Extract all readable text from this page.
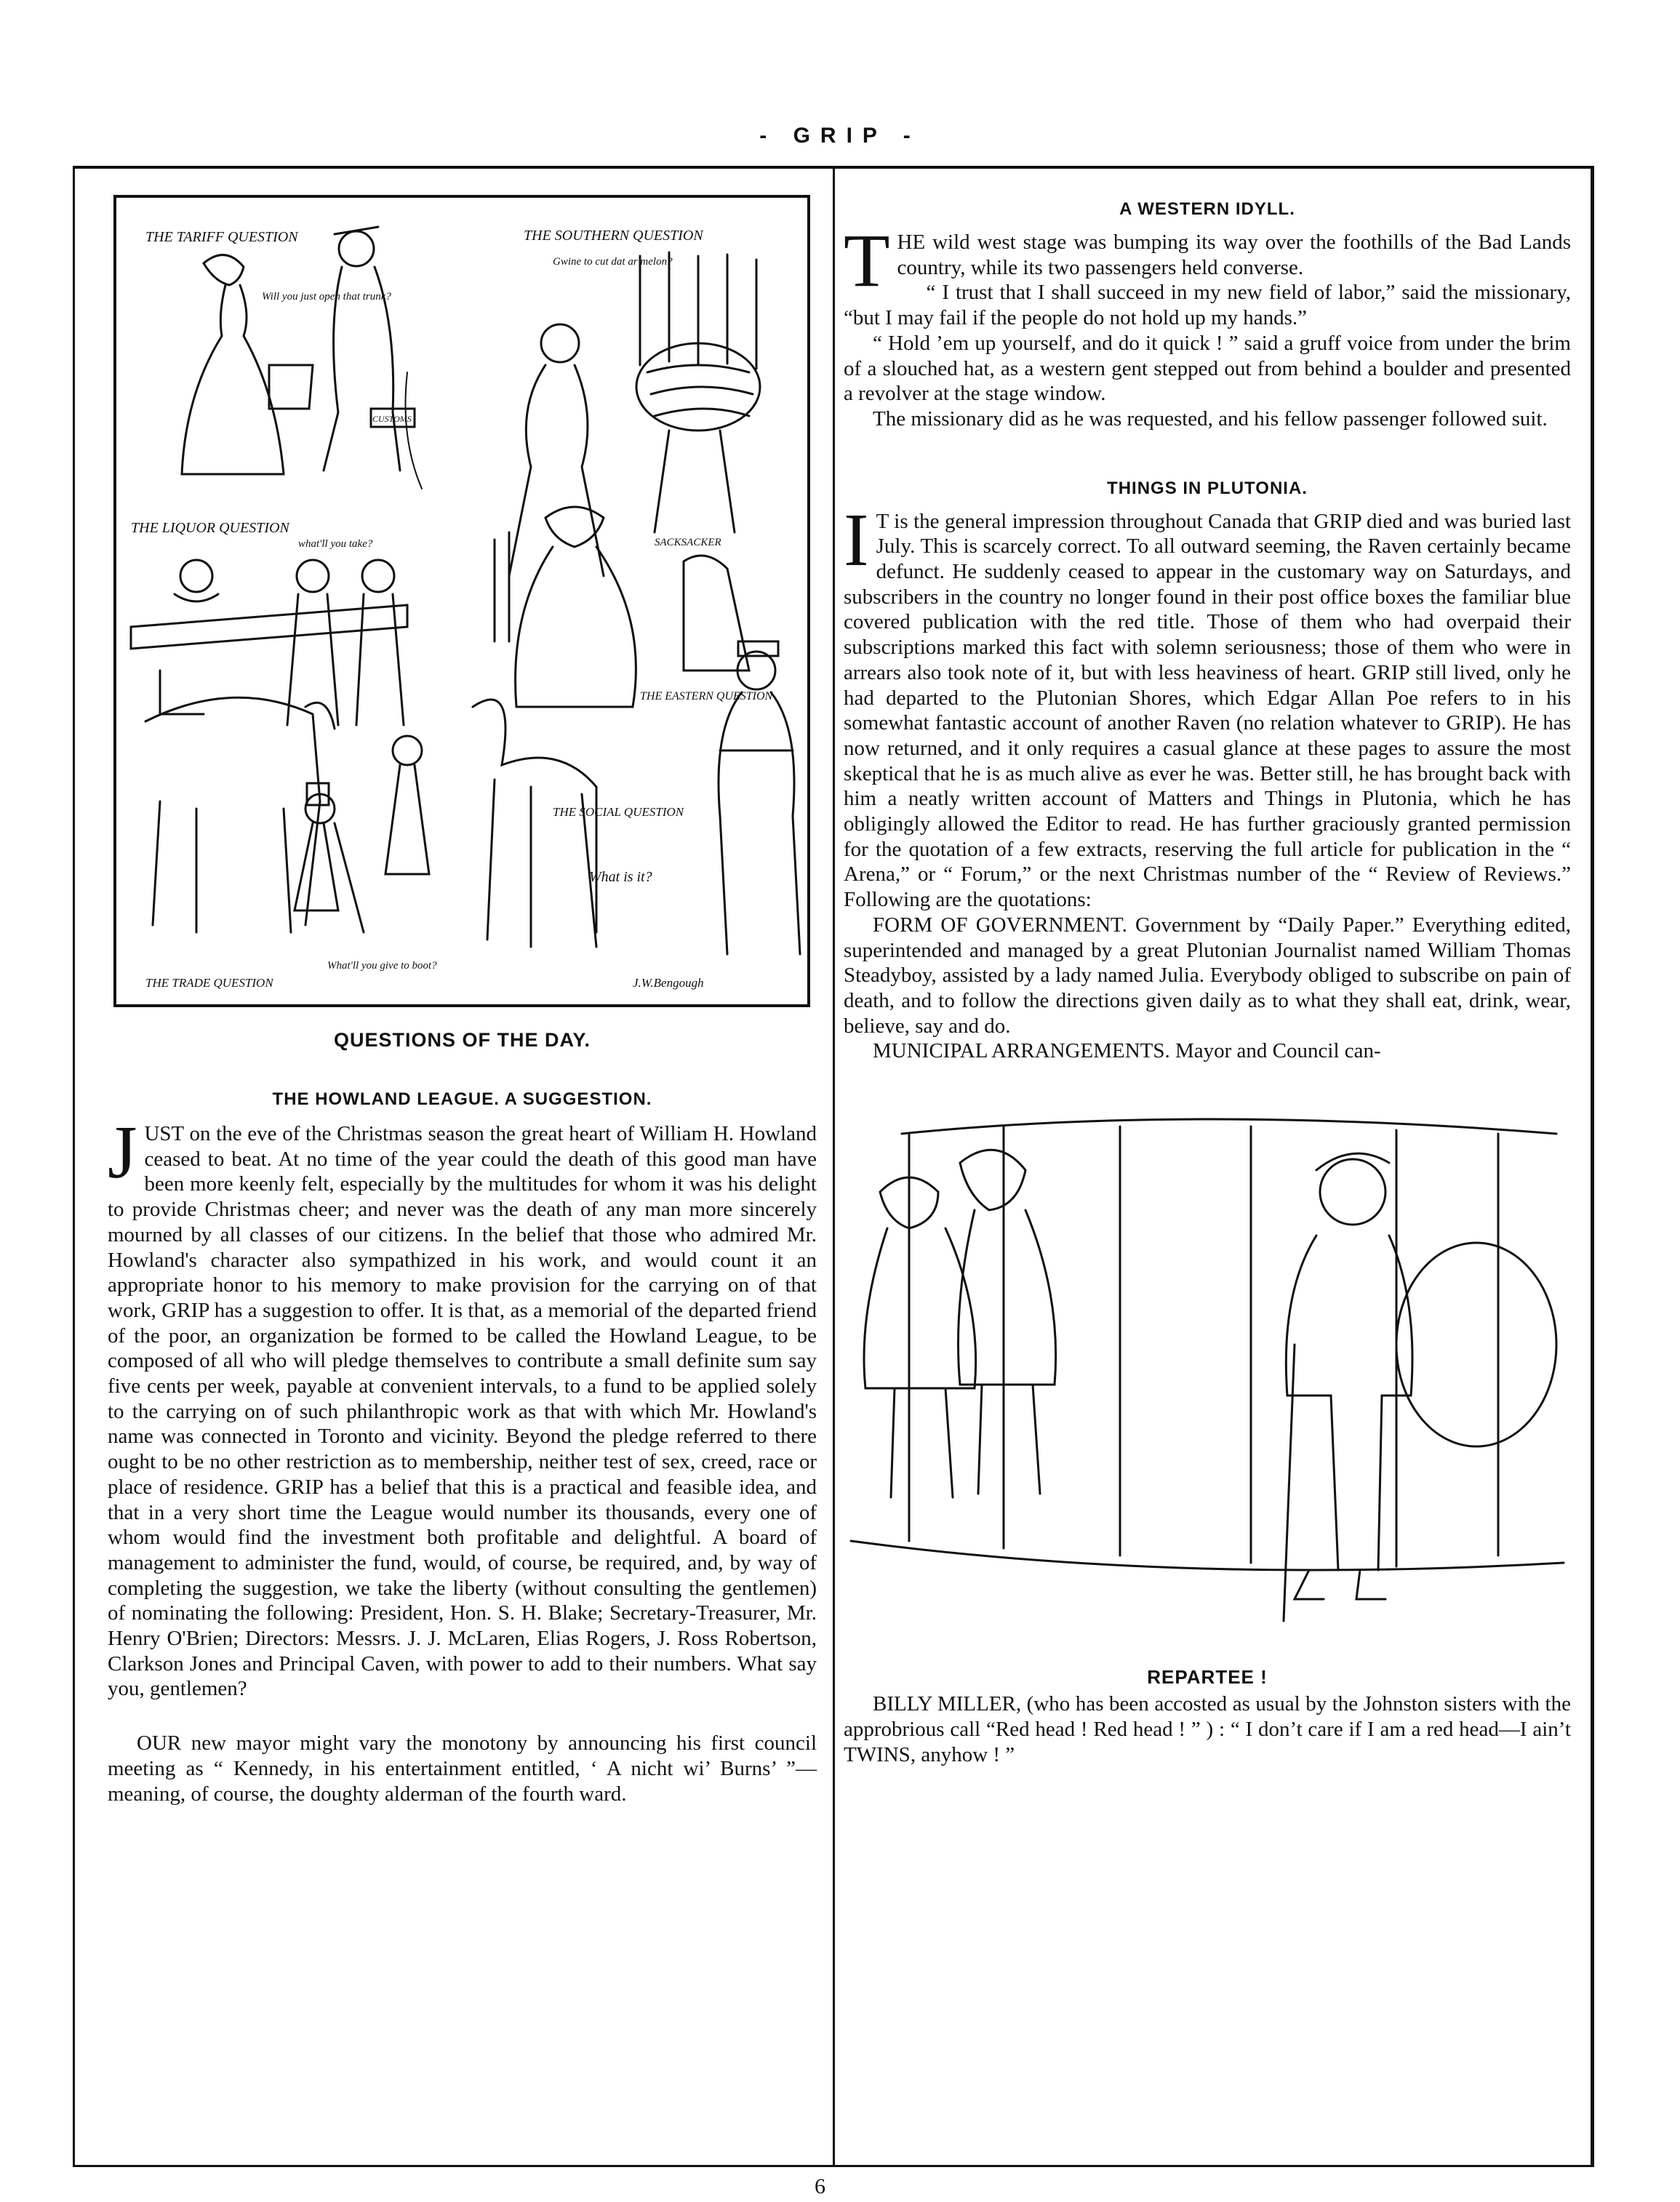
- GRIP -
THE TARIFF QUESTION
Will you just open that trunk?
CUSTOMS
THE SOUTHERN QUESTION
Gwine to cut dat ar melon?
THE LIQUOR QUESTION
what'll you take?	SACKSACKER
THE EASTERN QUESTION
THE SOCIAL QUESTION
What is it?
What'll you give to boot?
THE TRADE QUESTION	J.W.Bengough
QUESTIONS OF THE DAY.
THE HOWLAND LEAGUE. A SUGGESTION.
JUST on the eve of the Christmas season the great heart of William H. Howland ceased to beat. At no time of the year could the death of this good man have been more keenly felt, especially by the multitudes for whom it was his delight to provide Christmas cheer; and never was the death of any man more sincerely mourned by all classes of our citizens. In the belief that those who admired Mr. Howland's character also sympathized in his work, and would count it an appropriate honor to his memory to make provision for the carrying on of that work, GRIP has a suggestion to offer. It is that, as a memorial of the departed friend of the poor, an organization be formed to be called the Howland League, to be composed of all who will pledge themselves to contribute a small definite sum say five cents per week, payable at convenient intervals, to a fund to be applied solely to the carrying on of such philanthropic work as that with which Mr. Howland's name was connected in Toronto and vicinity. Beyond the pledge referred to there ought to be no other restriction as to membership, neither test of sex, creed, race or place of residence. GRIP has a belief that this is a practical and feasible idea, and that in a very short time the League would number its thousands, every one of whom would find the investment both profitable and delightful. A board of management to administer the fund, would, of course, be required, and, by way of completing the suggestion, we take the liberty (without consulting the gentlemen) of nominating the following: President, Hon. S. H. Blake; Secretary-Treasurer, Mr. Henry O'Brien; Directors: Messrs. J. J. McLaren, Elias Rogers, J. Ross Robertson, Clarkson Jones and Principal Caven, with power to add to their numbers. What say you, gentlemen?

OUR new mayor might vary the monotony by announcing his first council meeting as “ Kennedy, in his entertainment entitled, ‘ A nicht wi’ Burns’ ”—meaning, of course, the doughty alderman of the fourth ward.

A WESTERN IDYLL.
THE wild west stage was bumping its way over the foothills of the Bad Lands country, while its two passengers held converse.

“ I trust that I shall succeed in my new field of labor,” said the missionary, “but I may fail if the people do not hold up my hands.”

“ Hold ’em up yourself, and do it quick ! ” said a gruff voice from under the brim of a slouched hat, as a western gent stepped out from behind a boulder and presented a revolver at the stage window.

The missionary did as he was requested, and his fellow passenger followed suit.

THINGS IN PLUTONIA.
I T is the general impression throughout Canada that GRIP died and was buried last July. This is scarcely correct. To all outward seeming, the Raven certainly became defunct. He suddenly ceased to appear in the customary way on Saturdays, and subscribers in the country no longer found in their post office boxes the familiar blue covered publication with the red title. Those of them who had overpaid their subscriptions marked this fact with solemn seriousness; those of them who were in arrears also took note of it, but with less heaviness of heart. GRIP still lived, only he had departed to the Plutonian Shores, which Edgar Allan Poe refers to in his somewhat fantastic account of another Raven (no relation whatever to GRIP). He has now returned, and it only requires a casual glance at these pages to assure the most skeptical that he is as much alive as ever he was. Better still, he has brought back with him a neatly written account of Matters and Things in Plutonia, which he has obligingly allowed the Editor to read. He has further graciously granted permission for the quotation of a few extracts, reserving the full article for publication in the “ Arena,” or “ Forum,” or the next Christmas number of the “ Review of Reviews.” Following are the quotations:

FORM OF GOVERNMENT. Government by “Daily Paper.” Everything edited, superintended and managed by a great Plutonian Journalist named William Thomas Steadyboy, assisted by a lady named Julia. Everybody obliged to subscribe on pain of death, and to follow the directions given daily as to what they shall eat, drink, wear, believe, say and do.

MUNICIPAL ARRANGEMENTS. Mayor and Council can-

REPARTEE !

BILLY MILLER, (who has been accosted as usual by the Johnston sisters with the approbrious call “Red head ! Red head ! ” ) : “ I don’t care if I am a red head—I ain’t TWINS, anyhow ! ”

6
